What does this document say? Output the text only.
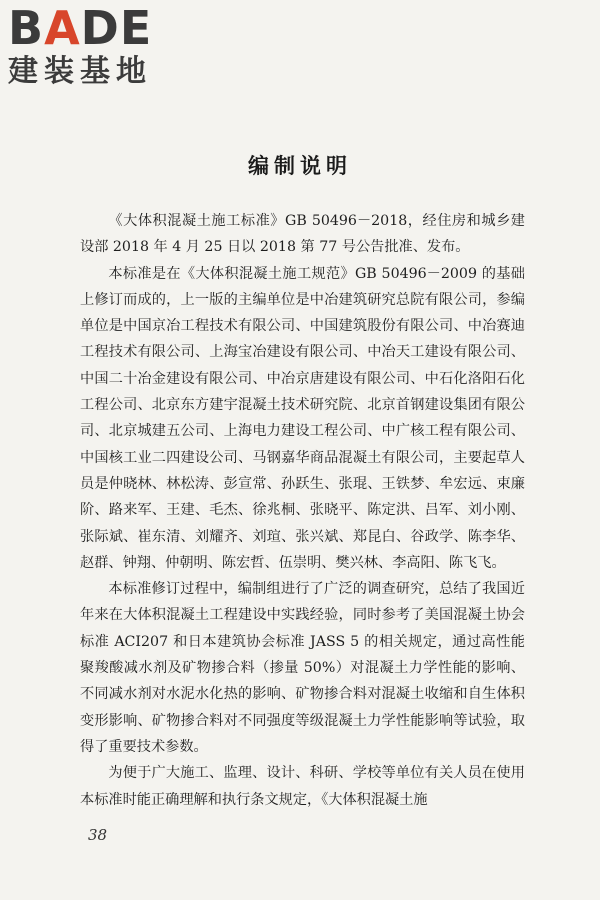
BADE
建装基地
编制说明

《大体积混凝土施工标准》GB 50496－2018，经住房和城乡建设部 2018 年 4 月 25 日以 2018 第 77 号公告批准、发布。

本标准是在《大体积混凝土施工规范》GB 50496－2009 的基础上修订而成的，上一版的主编单位是中冶建筑研究总院有限公司，参编单位是中国京冶工程技术有限公司、中国建筑股份有限公司、中冶赛迪工程技术有限公司、上海宝冶建设有限公司、中冶天工建设有限公司、中国二十冶金建设有限公司、中冶京唐建设有限公司、中石化洛阳石化工程公司、北京东方建宇混凝土技术研究院、北京首钢建设集团有限公司、北京城建五公司、上海电力建设工程公司、中广核工程有限公司、中国核工业二四建设公司、马钢嘉华商品混凝土有限公司，主要起草人员是仲晓林、林松涛、彭宣常、孙跃生、张琨、王铁梦、牟宏远、束廉阶、路来军、王建、毛杰、徐兆桐、张晓平、陈定洪、吕军、刘小刚、张际斌、崔东清、刘耀齐、刘瑄、张兴斌、郑昆白、谷政学、陈李华、赵群、钟翔、仲朝明、陈宏哲、伍崇明、樊兴林、李高阳、陈飞飞。

本标准修订过程中，编制组进行了广泛的调查研究，总结了我国近年来在大体积混凝土工程建设中实践经验，同时参考了美国混凝土协会标准 ACI207 和日本建筑协会标准 JASS 5 的相关规定，通过高性能聚羧酸减水剂及矿物掺合料（掺量 50%）对混凝土力学性能的影响、不同减水剂对水泥水化热的影响、矿物掺合料对混凝土收缩和自生体积变形影响、矿物掺合料对不同强度等级混凝土力学性能影响等试验，取得了重要技术参数。

为便于广大施工、监理、设计、科研、学校等单位有关人员在使用本标准时能正确理解和执行条文规定，《大体积混凝土施

38
